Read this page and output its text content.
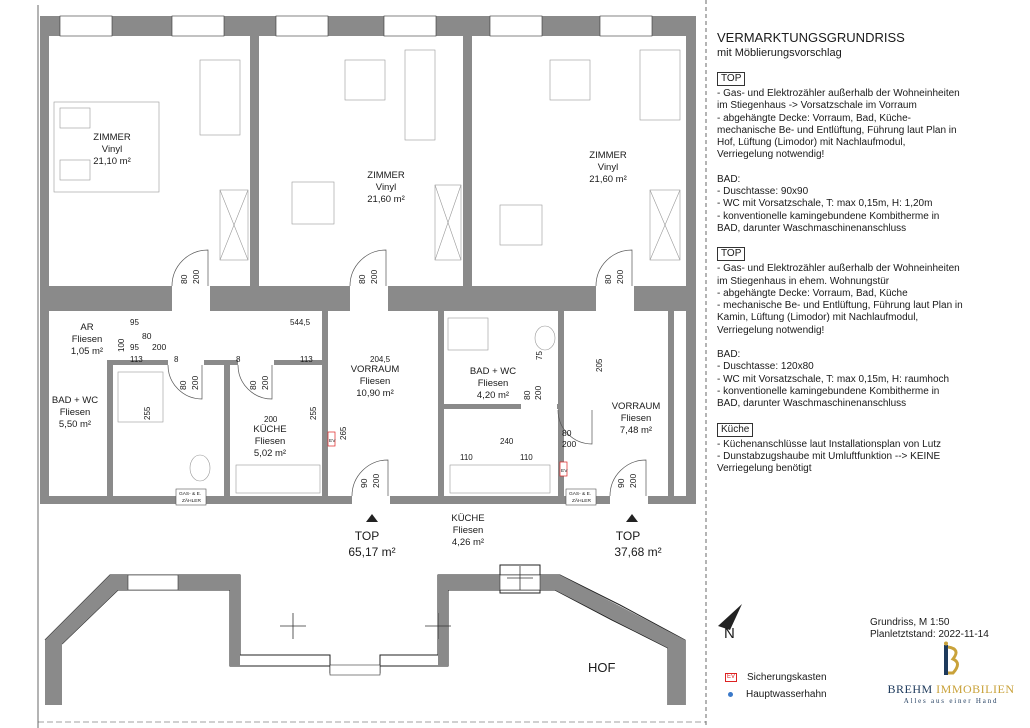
N
ZIMMER
Vinyl
21,10 m²
ZIMMER
Vinyl
21,60 m²
ZIMMER
Vinyl
21,60 m²
AR
Fliesen
1,05 m²
BAD + WC
Fliesen
5,50 m²	KÜCHE
Fliesen
5,02 m²
VORRAUM
Fliesen
10,90 m²
BAD + WC
Fliesen
4,20 m²
VORRAUM
Fliesen
7,48 m²
KÜCHE
Fliesen
4,26 m²
TOP
65,17 m²
TOP
37,68 m²
HOF
80 200	80 200	80 200
80
200
80 200	80 200
90 200
80 200
80
200
90 200
95
100 95
544,5
204,5
113
113	8	8
255	255
200
265
240
110	110
205
75
GAS- & E.
ZÄHLER
GAS- & E.
ZÄHLER
EV
EV

VERMARKTUNGSGRUNDRISS

mit Möblierungsvorschlag

TOP
- Gas- und Elektrozähler außerhalb der Wohneinheiten
im Stiegenhaus -> Vorsatzschale im Vorraum
- abgehängte Decke: Vorraum, Bad, Küche-
mechanische Be- und Entlüftung, Führung laut Plan in
Hof, Lüftung (Limodor) mit Nachlaufmodul,
Verriegelung notwendig!
BAD:
- Duschtasse: 90x90
- WC mit Vorsatzschale, T: max 0,15m, H: 1,20m
- konventionelle kamingebundene Kombitherme in
BAD, darunter Waschmaschinenanschluss
TOP
- Gas- und Elektrozähler außerhalb der Wohneinheiten
im Stiegenhaus in ehem. Wohnungstür
- abgehängte Decke: Vorraum, Bad, Küche
- mechanische Be- und Entlüftung, Führung laut Plan in
Kamin, Lüftung (Limodor) mit Nachlaufmodul,
Verriegelung notwendig!
BAD:
- Duschtasse: 120x80
- WC mit Vorsatzschale, T: max 0,15m, H: raumhoch
- konventionelle kamingebundene Kombitherme in
BAD, darunter Waschmaschinenanschluss
Küche
- Küchenanschlüsse laut Installationsplan von Lutz
- Dunstabzugshaube mit Umluftfunktion --> KEINE
Verriegelung benötigt
Grundriss, M 1:50
Planletztstand: 2022-11-14
EV Sicherungskasten
Hauptwasserhahn	BREHM IMMOBILIEN
Alles aus einer Hand
